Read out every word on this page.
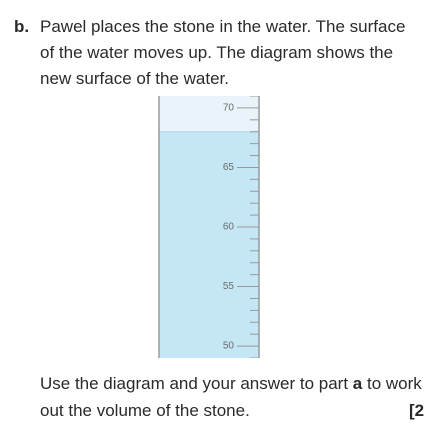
b. Pawel places the stone in the water. The surface of the water moves up. The diagram shows the new surface of the water.
70
65
60
55
50
Use the diagram and your answer to part a to work out the volume of the stone.	[2
